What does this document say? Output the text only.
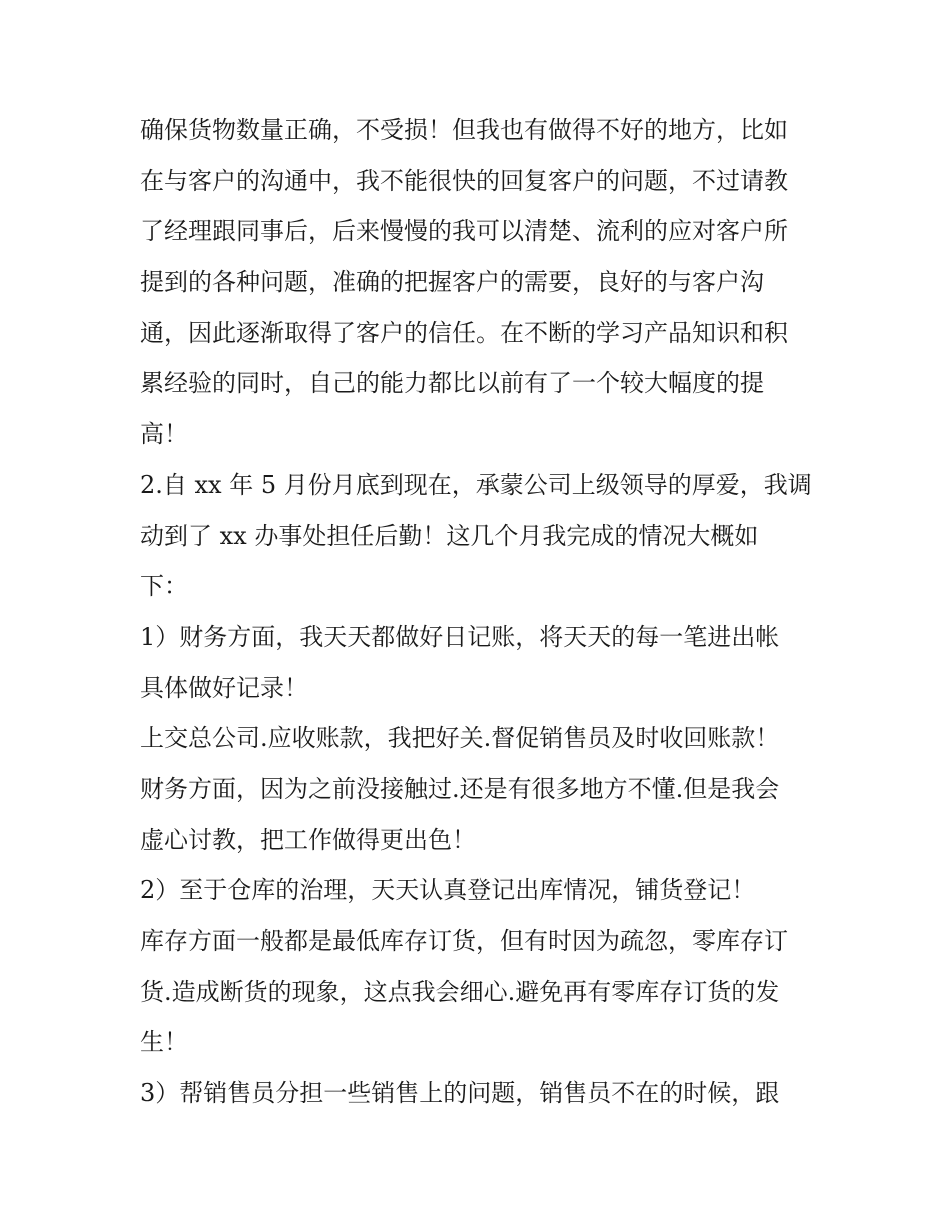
确保货物数量正确，不受损！但我也有做得不好的地方，比如
在与客户的沟通中，我不能很快的回复客户的问题，不过请教
了经理跟同事后，后来慢慢的我可以清楚、流利的应对客户所
提到的各种问题，准确的把握客户的需要，良好的与客户沟
通，因此逐渐取得了客户的信任。在不断的学习产品知识和积
累经验的同时，自己的能力都比以前有了一个较大幅度的提
高！
2.自 xx 年 5 月份月底到现在，承蒙公司上级领导的厚爱，我调
动到了 xx 办事处担任后勤！这几个月我完成的情况大概如
下：
1）财务方面，我天天都做好日记账，将天天的每一笔进出帐
具体做好记录！
上交总公司.应收账款，我把好关.督促销售员及时收回账款！
财务方面，因为之前没接触过.还是有很多地方不懂.但是我会
虚心讨教，把工作做得更出色！
2）至于仓库的治理，天天认真登记出库情况，铺货登记！
库存方面一般都是最低库存订货，但有时因为疏忽，零库存订
货.造成断货的现象，这点我会细心.避免再有零库存订货的发
生！
3）帮销售员分担一些销售上的问题，销售员不在的时候，跟
